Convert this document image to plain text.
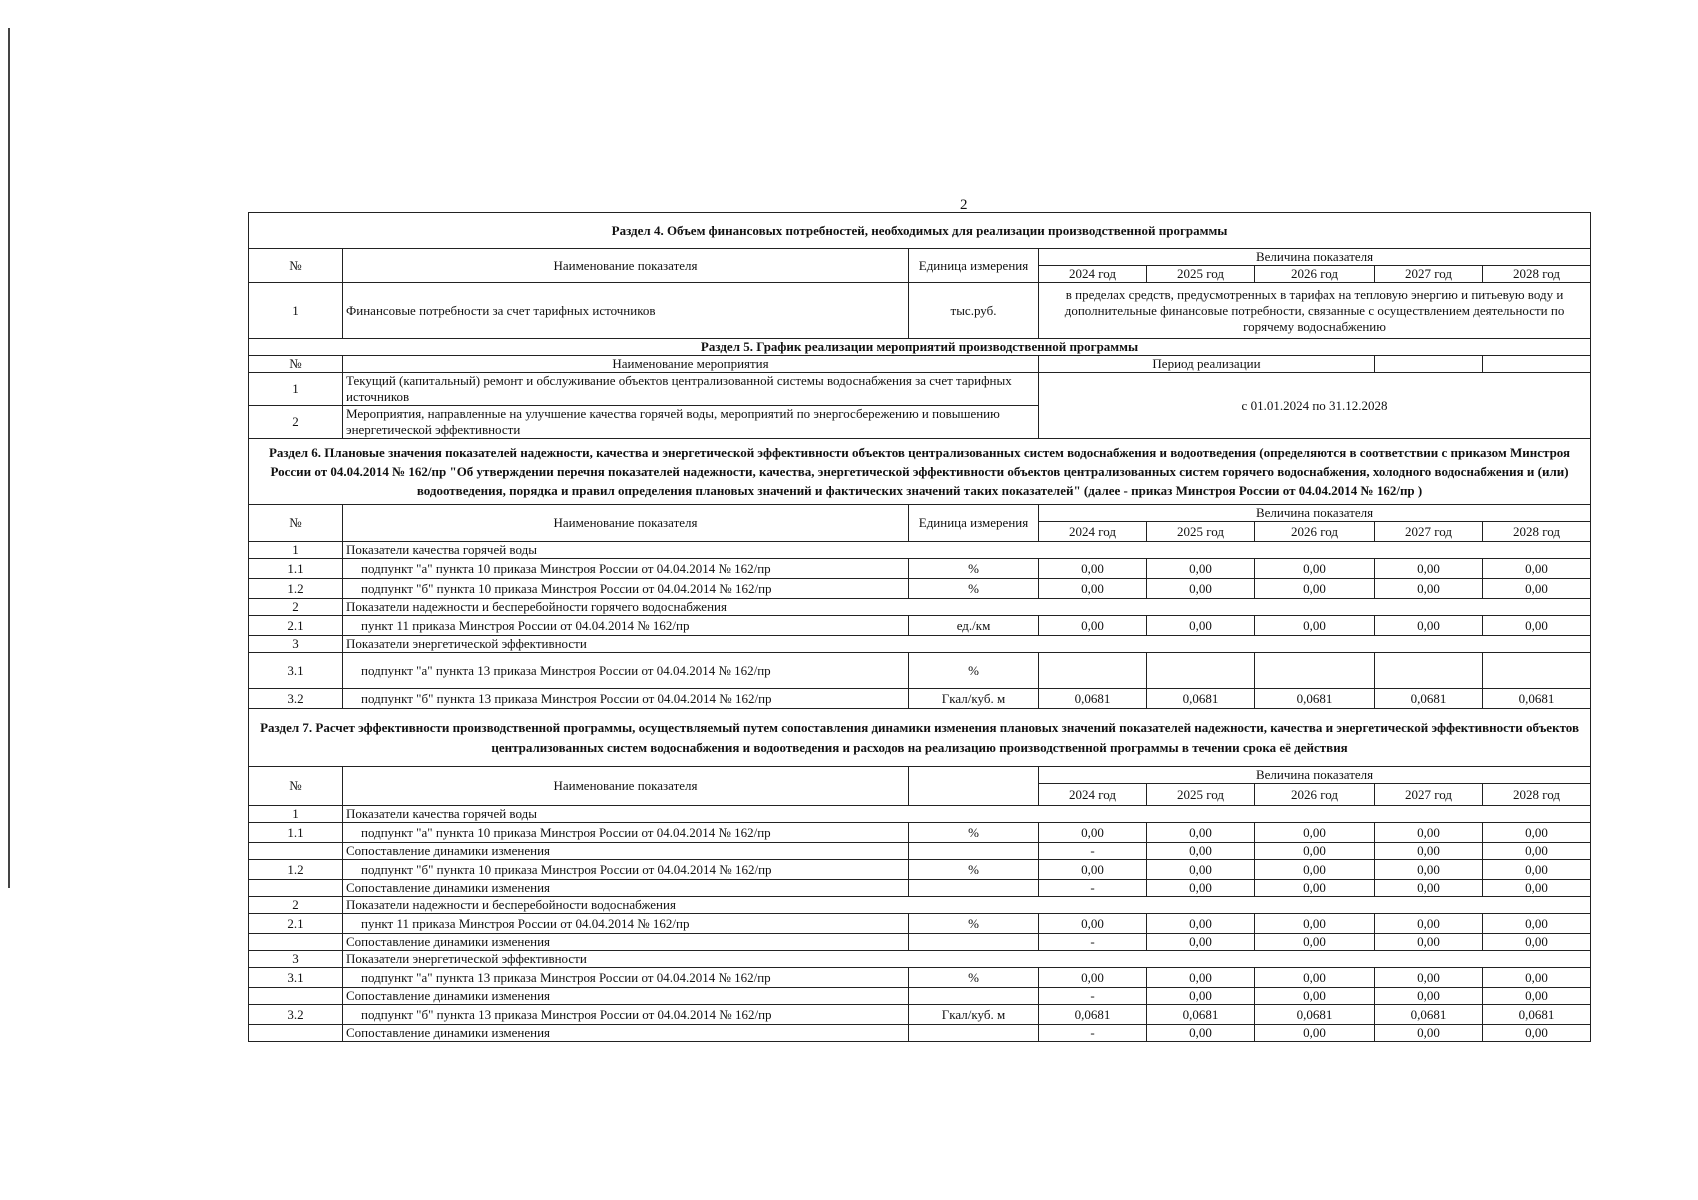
2
Раздел 4. Объем финансовых потребностей, необходимых для реализации производственной программы							
№	Наименование показателя	Единица измерения	Величина показателя				
			2024 год	2025 год	2026 год	2027 год	2028 год
1	Финансовые потребности за счет тарифных источников	тыс.руб.	в пределах средств, предусмотренных в тарифах на тепловую энергию и питьевую воду и дополнительные финансовые потребности, связанные с осуществлением деятельности по горячему водоснабжению				
Раздел 5. График реализации мероприятий производственной программы							
№	Наименование мероприятия		Период реализации				
1	Текущий (капитальный) ремонт и обслуживание объектов централизованной системы водоснабжения за счет тарифных источников		с 01.01.2024 по 31.12.2028				
2	Мероприятия, направленные на улучшение качества горячей воды, мероприятий по энергосбережению и повышению энергетической эффективности						
Раздел 6. Плановые значения показателей надежности, качества и энергетической эффективности объектов централизованных систем водоснабжения и водоотведения (определяются в соответствии с приказом Минстроя России от 04.04.2014 № 162/пр "Об утверждении перечня показателей надежности, качества, энергетической эффективности объектов централизованных систем горячего водоснабжения, холодного водоснабжения и (или) водоотведения, порядка и правил определения плановых значений и фактических значений таких показателей" (далее - приказ Минстроя России от 04.04.2014 № 162/пр )							
№	Наименование показателя	Единица измерения	Величина показателя				
			2024 год	2025 год	2026 год	2027 год	2028 год
1	Показатели качества горячей воды						
1.1	подпункт "а" пункта 10 приказа Минстроя России от 04.04.2014 № 162/пр	%	0,00	0,00	0,00	0,00	0,00
1.2	подпункт "б" пункта 10 приказа Минстроя России от 04.04.2014 № 162/пр	%	0,00	0,00	0,00	0,00	0,00
2	Показатели надежности и бесперебойности горячего водоснабжения						
2.1	пункт 11 приказа Минстроя России от 04.04.2014 № 162/пр	ед./км	0,00	0,00	0,00	0,00	0,00
3	Показатели энергетической эффективности						
3.1	подпункт "а" пункта 13 приказа Минстроя России от 04.04.2014 № 162/пр	%					
3.2	подпункт "б" пункта 13 приказа Минстроя России от 04.04.2014 № 162/пр	Гкал/куб. м	0,0681	0,0681	0,0681	0,0681	0,0681
Раздел 7. Расчет эффективности производственной программы, осуществляемый путем сопоставления динамики изменения плановых значений показателей надежности, качества и энергетической эффективности объектов централизованных систем водоснабжения и водоотведения и расходов на реализацию производственной программы в течении срока её действия							
№	Наименование показателя		Величина показателя				
			2024 год	2025 год	2026 год	2027 год	2028 год
1	Показатели качества горячей воды						
1.1	подпункт "а" пункта 10 приказа Минстроя России от 04.04.2014 № 162/пр	%	0,00	0,00	0,00	0,00	0,00
	Сопоставление динамики изменения		-	0,00	0,00	0,00	0,00
1.2	подпункт "б" пункта 10 приказа Минстроя России от 04.04.2014 № 162/пр	%	0,00	0,00	0,00	0,00	0,00
	Сопоставление динамики изменения		-	0,00	0,00	0,00	0,00
2	Показатели надежности и бесперебойности водоснабжения						
2.1	пункт 11 приказа Минстроя России от 04.04.2014 № 162/пр	%	0,00	0,00	0,00	0,00	0,00
	Сопоставление динамики изменения		-	0,00	0,00	0,00	0,00
3	Показатели энергетической эффективности						
3.1	подпункт "а" пункта 13 приказа Минстроя России от 04.04.2014 № 162/пр	%	0,00	0,00	0,00	0,00	0,00
	Сопоставление динамики изменения		-	0,00	0,00	0,00	0,00
3.2	подпункт "б" пункта 13 приказа Минстроя России от 04.04.2014 № 162/пр	Гкал/куб. м	0,0681	0,0681	0,0681	0,0681	0,0681
	Сопоставление динамики изменения		-	0,00	0,00	0,00	0,00
